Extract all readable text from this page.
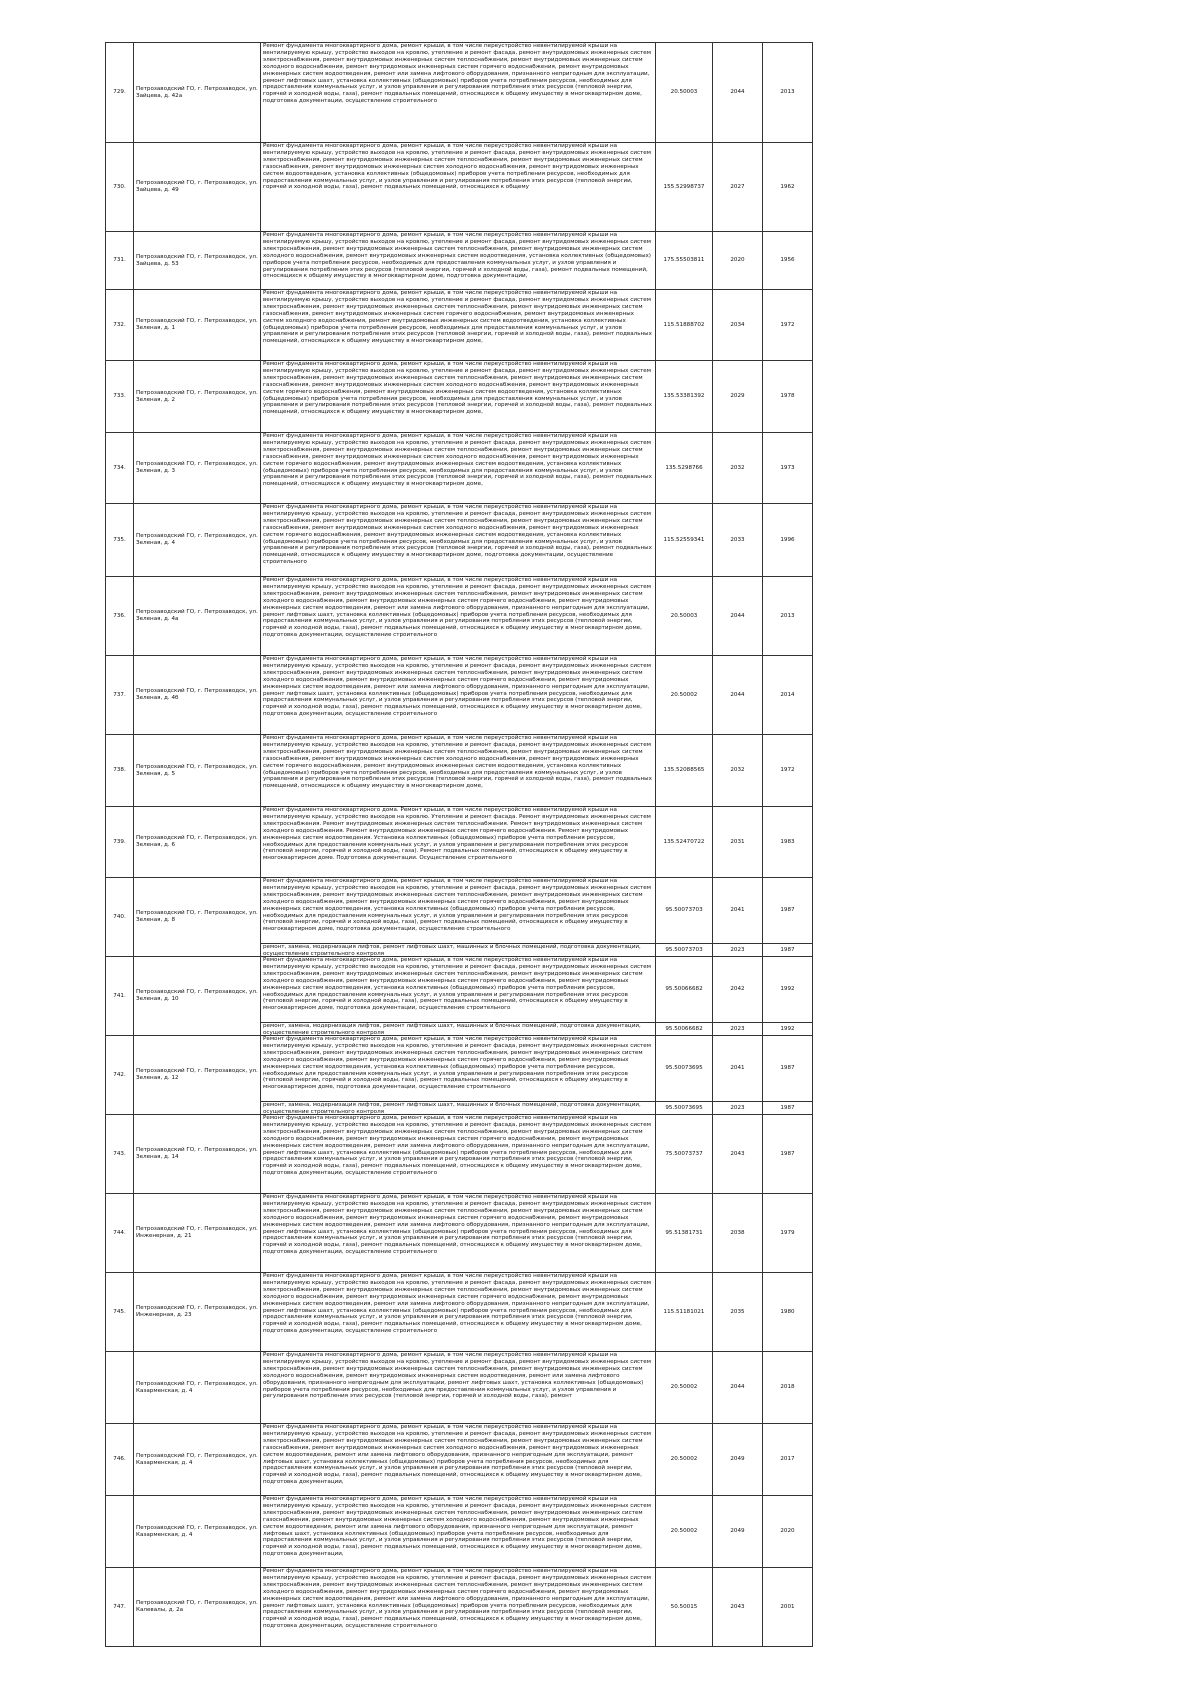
729.	Петрозаводский ГО, г. Петрозаводск, ул. Зайцева, д. 42а	Ремонт фундамента многоквартирного дома, ремонт крыши, в том числе переустройство невентилируемой крыши на вентилируемую крышу, устройство выходов на кровлю, утепление и ремонт фасада, ремонт внутридомовых инженерных систем электроснабжения, ремонт внутридомовых инженерных систем теплоснабжения, ремонт внутридомовых инженерных систем холодного водоснабжения, ремонт внутридомовых инженерных систем горячего водоснабжения, ремонт внутридомовых инженерных систем водоотведения, ремонт или замена лифтового оборудования, признанного непригодным для эксплуатации, ремонт лифтовых шахт, установка коллективных (общедомовых) приборов учета потребления ресурсов, необходимых для предоставления коммунальных услуг, и узлов управления и регулирования потребления этих ресурсов (тепловой энергии, горячей и холодной воды, газа), ремонт подвальных помещений, относящихся к общему имуществу в многоквартирном доме, подготовка документации, осуществление строительного	20.50003	2044	2013
730.	Петрозаводский ГО, г. Петрозаводск, ул. Зайцева, д. 49	Ремонт фундамента многоквартирного дома, ремонт крыши, в том числе переустройство невентилируемой крыши на вентилируемую крышу, устройство выходов на кровлю, утепление и ремонт фасада, ремонт внутридомовых инженерных систем электроснабжения, ремонт внутридомовых инженерных систем теплоснабжения, ремонт внутридомовых инженерных систем газоснабжения, ремонт внутридомовых инженерных систем холодного водоснабжения, ремонт внутридомовых инженерных систем водоотведения, установка коллективных (общедомовых) приборов учета потребления ресурсов, необходимых для предоставления коммунальных услуг, и узлов управления и регулирования потребления этих ресурсов (тепловой энергии, горячей и холодной воды, газа), ремонт подвальных помещений, относящихся к общему	155.52998737	2027	1962
731.	Петрозаводский ГО, г. Петрозаводск, ул. Зайцева, д. 53	Ремонт фундамента многоквартирного дома, ремонт крыши, в том числе переустройство невентилируемой крыши на вентилируемую крышу, устройство выходов на кровлю, утепление и ремонт фасада, ремонт внутридомовых инженерных систем электроснабжения, ремонт внутридомовых инженерных систем теплоснабжения, ремонт внутридомовых инженерных систем холодного водоснабжения, ремонт внутридомовых инженерных систем водоотведения, установка коллективных (общедомовых) приборов учета потребления ресурсов, необходимых для предоставления коммунальных услуг, и узлов управления и регулирования потребления этих ресурсов (тепловой энергии, горячей и холодной воды, газа), ремонт подвальных помещений, относящихся к общему имуществу в многоквартирном доме, подготовка документации,	175.55503811	2020	1956
732.	Петрозаводский ГО, г. Петрозаводск, ул. Зеленая, д. 1	Ремонт фундамента многоквартирного дома, ремонт крыши, в том числе переустройство невентилируемой крыши на вентилируемую крышу, устройство выходов на кровлю, утепление и ремонт фасада, ремонт внутридомовых инженерных систем электроснабжения, ремонт внутридомовых инженерных систем теплоснабжения, ремонт внутридомовых инженерных систем газоснабжения, ремонт внутридомовых инженерных систем горячего водоснабжения, ремонт внутридомовых инженерных систем холодного водоснабжения, ремонт внутридомовых инженерных систем водоотведения, установка коллективных (общедомовых) приборов учета потребления ресурсов, необходимых для предоставления коммунальных услуг, и узлов управления и регулирования потребления этих ресурсов (тепловой энергии, горячей и холодной воды, газа), ремонт подвальных помещений, относящихся к общему имуществу в многоквартирном доме,	115.51888702	2034	1972
733.	Петрозаводский ГО, г. Петрозаводск, ул. Зеленая, д. 2	Ремонт фундамента многоквартирного дома, ремонт крыши, в том числе переустройство невентилируемой крыши на вентилируемую крышу, устройство выходов на кровлю, утепление и ремонт фасада, ремонт внутридомовых инженерных систем электроснабжения, ремонт внутридомовых инженерных систем теплоснабжения, ремонт внутридомовых инженерных систем газоснабжения, ремонт внутридомовых инженерных систем холодного водоснабжения, ремонт внутридомовых инженерных систем горячего водоснабжения, ремонт внутридомовых инженерных систем водоотведения, установка коллективных (общедомовых) приборов учета потребления ресурсов, необходимых для предоставления коммунальных услуг, и узлов управления и регулирования потребления этих ресурсов (тепловой энергии, горячей и холодной воды, газа), ремонт подвальных помещений, относящихся к общему имуществу в многоквартирном доме,	135.53381392	2029	1978
734.	Петрозаводский ГО, г. Петрозаводск, ул. Зеленая, д. 3	Ремонт фундамента многоквартирного дома, ремонт крыши, в том числе переустройство невентилируемой крыши на вентилируемую крышу, устройство выходов на кровлю, утепление и ремонт фасада, ремонт внутридомовых инженерных систем электроснабжения, ремонт внутридомовых инженерных систем теплоснабжения, ремонт внутридомовых инженерных систем газоснабжения, ремонт внутридомовых инженерных систем холодного водоснабжения, ремонт внутридомовых инженерных систем горячего водоснабжения, ремонт внутридомовых инженерных систем водоотведения, установка коллективных (общедомовых) приборов учета потребления ресурсов, необходимых для предоставления коммунальных услуг, и узлов управления и регулирования потребления этих ресурсов (тепловой энергии, горячей и холодной воды, газа), ремонт подвальных помещений, относящихся к общему имуществу в многоквартирном доме,	135.5298766	2032	1973
735.	Петрозаводский ГО, г. Петрозаводск, ул. Зеленая, д. 4	Ремонт фундамента многоквартирного дома, ремонт крыши, в том числе переустройство невентилируемой крыши на вентилируемую крышу, устройство выходов на кровлю, утепление и ремонт фасада, ремонт внутридомовых инженерных систем электроснабжения, ремонт внутридомовых инженерных систем теплоснабжения, ремонт внутридомовых инженерных систем газоснабжения, ремонт внутридомовых инженерных систем холодного водоснабжения, ремонт внутридомовых инженерных систем горячего водоснабжения, ремонт внутридомовых инженерных систем водоотведения, установка коллективных (общедомовых) приборов учета потребления ресурсов, необходимых для предоставления коммунальных услуг, и узлов управления и регулирования потребления этих ресурсов (тепловой энергии, горячей и холодной воды, газа), ремонт подвальных помещений, относящихся к общему имуществу в многоквартирном доме, подготовка документации, осуществление строительного	115.52559341	2033	1996
736.	Петрозаводский ГО, г. Петрозаводск, ул. Зеленая, д. 4а	Ремонт фундамента многоквартирного дома, ремонт крыши, в том числе переустройство невентилируемой крыши на вентилируемую крышу, устройство выходов на кровлю, утепление и ремонт фасада, ремонт внутридомовых инженерных систем электроснабжения, ремонт внутридомовых инженерных систем теплоснабжения, ремонт внутридомовых инженерных систем холодного водоснабжения, ремонт внутридомовых инженерных систем горячего водоснабжения, ремонт внутридомовых инженерных систем водоотведения, ремонт или замена лифтового оборудования, признанного непригодным для эксплуатации, ремонт лифтовых шахт, установка коллективных (общедомовых) приборов учета потребления ресурсов, необходимых для предоставления коммунальных услуг, и узлов управления и регулирования потребления этих ресурсов (тепловой энергии, горячей и холодной воды, газа), ремонт подвальных помещений, относящихся к общему имуществу в многоквартирном доме, подготовка документации, осуществление строительного	20.50003	2044	2013
737.	Петрозаводский ГО, г. Петрозаводск, ул. Зеленая, д. 4б	Ремонт фундамента многоквартирного дома, ремонт крыши, в том числе переустройство невентилируемой крыши на вентилируемую крышу, устройство выходов на кровлю, утепление и ремонт фасада, ремонт внутридомовых инженерных систем электроснабжения, ремонт внутридомовых инженерных систем теплоснабжения, ремонт внутридомовых инженерных систем холодного водоснабжения, ремонт внутридомовых инженерных систем горячего водоснабжения, ремонт внутридомовых инженерных систем водоотведения, ремонт или замена лифтового оборудования, признанного непригодным для эксплуатации, ремонт лифтовых шахт, установка коллективных (общедомовых) приборов учета потребления ресурсов, необходимых для предоставления коммунальных услуг, и узлов управления и регулирования потребления этих ресурсов (тепловой энергии, горячей и холодной воды, газа), ремонт подвальных помещений, относящихся к общему имуществу в многоквартирном доме, подготовка документации, осуществление строительного	20.50002	2044	2014
738.	Петрозаводский ГО, г. Петрозаводск, ул. Зеленая, д. 5	Ремонт фундамента многоквартирного дома, ремонт крыши, в том числе переустройство невентилируемой крыши на вентилируемую крышу, устройство выходов на кровлю, утепление и ремонт фасада, ремонт внутридомовых инженерных систем электроснабжения, ремонт внутридомовых инженерных систем теплоснабжения, ремонт внутридомовых инженерных систем газоснабжения, ремонт внутридомовых инженерных систем холодного водоснабжения, ремонт внутридомовых инженерных систем горячего водоснабжения, ремонт внутридомовых инженерных систем водоотведения, установка коллективных (общедомовых) приборов учета потребления ресурсов, необходимых для предоставления коммунальных услуг, и узлов управления и регулирования потребления этих ресурсов (тепловой энергии, горячей и холодной воды, газа), ремонт подвальных помещений, относящихся к общему имуществу в многоквартирном доме,	135.52088565	2032	1972
739.	Петрозаводский ГО, г. Петрозаводск, ул. Зеленая, д. 6	Ремонт фундамента многоквартирного дома. Ремонт крыши, в том числе переустройство невентилируемой крыши на вентилируемую крышу, устройство выходов на кровлю. Утепление и ремонт фасада. Ремонт внутридомовых инженерных систем электроснабжения. Ремонт внутридомовых инженерных систем теплоснабжения. Ремонт внутридомовых инженерных систем холодного водоснабжения. Ремонт внутридомовых инженерных систем горячего водоснабжения. Ремонт внутридомовых инженерных систем водоотведения. Установка коллективных (общедомовых) приборов учета потребления ресурсов, необходимых для предоставления коммунальных услуг, и узлов управления и регулирования потребления этих ресурсов (тепловой энергии, горячей и холодной воды, газа). Ремонт подвальных помещений, относящихся к общему имуществу в многоквартирном доме. Подготовка документации. Осуществление строительного	135.52470722	2031	1983
740.	Петрозаводский ГО, г. Петрозаводск, ул. Зеленая, д. 8	Ремонт фундамента многоквартирного дома, ремонт крыши, в том числе переустройство невентилируемой крыши на вентилируемую крышу, устройство выходов на кровлю, утепление и ремонт фасада, ремонт внутридомовых инженерных систем электроснабжения, ремонт внутридомовых инженерных систем теплоснабжения, ремонт внутридомовых инженерных систем холодного водоснабжения, ремонт внутридомовых инженерных систем горячего водоснабжения, ремонт внутридомовых инженерных систем водоотведения, установка коллективных (общедомовых) приборов учета потребления ресурсов, необходимых для предоставления коммунальных услуг, и узлов управления и регулирования потребления этих ресурсов (тепловой энергии, горячей и холодной воды, газа), ремонт подвальных помещений, относящихся к общему имуществу в многоквартирном доме, подготовка документации, осуществление строительного	95.50073703	2041	1987

		ремонт, замена, модернизация лифтов, ремонт лифтовых шахт, машинных и блочных помещений, подготовка документации, осуществление строительного контроля	95.50073703	2023	1987
741.	Петрозаводский ГО, г. Петрозаводск, ул. Зеленая, д. 10	Ремонт фундамента многоквартирного дома, ремонт крыши, в том числе переустройство невентилируемой крыши на вентилируемую крышу, устройство выходов на кровлю, утепление и ремонт фасада, ремонт внутридомовых инженерных систем электроснабжения, ремонт внутридомовых инженерных систем теплоснабжения, ремонт внутридомовых инженерных систем холодного водоснабжения, ремонт внутридомовых инженерных систем горячего водоснабжения, ремонт внутридомовых инженерных систем водоотведения, установка коллективных (общедомовых) приборов учета потребления ресурсов, необходимых для предоставления коммунальных услуг, и узлов управления и регулирования потребления этих ресурсов (тепловой энергии, горячей и холодной воды, газа), ремонт подвальных помещений, относящихся к общему имуществу в многоквартирном доме, подготовка документации, осуществление строительного	95.50066682	2042	1992

		ремонт, замена, модернизация лифтов, ремонт лифтовых шахт, машинных и блочных помещений, подготовка документации, осуществление строительного контроля	95.50066682	2023	1992
742.	Петрозаводский ГО, г. Петрозаводск, ул. Зеленая, д. 12	Ремонт фундамента многоквартирного дома, ремонт крыши, в том числе переустройство невентилируемой крыши на вентилируемую крышу, устройство выходов на кровлю, утепление и ремонт фасада, ремонт внутридомовых инженерных систем электроснабжения, ремонт внутридомовых инженерных систем теплоснабжения, ремонт внутридомовых инженерных систем холодного водоснабжения, ремонт внутридомовых инженерных систем горячего водоснабжения, ремонт внутридомовых инженерных систем водоотведения, установка коллективных (общедомовых) приборов учета потребления ресурсов, необходимых для предоставления коммунальных услуг, и узлов управления и регулирования потребления этих ресурсов (тепловой энергии, горячей и холодной воды, газа), ремонт подвальных помещений, относящихся к общему имуществу в многоквартирном доме, подготовка документации, осуществление строительного	95.50073695	2041	1987

		ремонт, замена, модернизация лифтов, ремонт лифтовых шахт, машинных и блочных помещений, подготовка документации, осуществление строительного контроля	95.50073695	2023	1987
743.	Петрозаводский ГО, г. Петрозаводск, ул. Зеленая, д. 14	Ремонт фундамента многоквартирного дома, ремонт крыши, в том числе переустройство невентилируемой крыши на вентилируемую крышу, устройство выходов на кровлю, утепление и ремонт фасада, ремонт внутридомовых инженерных систем электроснабжения, ремонт внутридомовых инженерных систем теплоснабжения, ремонт внутридомовых инженерных систем холодного водоснабжения, ремонт внутридомовых инженерных систем горячего водоснабжения, ремонт внутридомовых инженерных систем водоотведения, ремонт или замена лифтового оборудования, признанного непригодным для эксплуатации, ремонт лифтовых шахт, установка коллективных (общедомовых) приборов учета потребления ресурсов, необходимых для предоставления коммунальных услуг, и узлов управления и регулирования потребления этих ресурсов (тепловой энергии, горячей и холодной воды, газа), ремонт подвальных помещений, относящихся к общему имуществу в многоквартирном доме, подготовка документации, осуществление строительного	75.50073737	2043	1987
744.	Петрозаводский ГО, г. Петрозаводск, ул. Инженерная, д. 21	Ремонт фундамента многоквартирного дома, ремонт крыши, в том числе переустройство невентилируемой крыши на вентилируемую крышу, устройство выходов на кровлю, утепление и ремонт фасада, ремонт внутридомовых инженерных систем электроснабжения, ремонт внутридомовых инженерных систем теплоснабжения, ремонт внутридомовых инженерных систем холодного водоснабжения, ремонт внутридомовых инженерных систем горячего водоснабжения, ремонт внутридомовых инженерных систем водоотведения, ремонт или замена лифтового оборудования, признанного непригодным для эксплуатации, ремонт лифтовых шахт, установка коллективных (общедомовых) приборов учета потребления ресурсов, необходимых для предоставления коммунальных услуг, и узлов управления и регулирования потребления этих ресурсов (тепловой энергии, горячей и холодной воды, газа), ремонт подвальных помещений, относящихся к общему имуществу в многоквартирном доме, подготовка документации, осуществление строительного	95.51381731	2038	1979
745.	Петрозаводский ГО, г. Петрозаводск, ул. Инженерная, д. 23	Ремонт фундамента многоквартирного дома, ремонт крыши, в том числе переустройство невентилируемой крыши на вентилируемую крышу, устройство выходов на кровлю, утепление и ремонт фасада, ремонт внутридомовых инженерных систем электроснабжения, ремонт внутридомовых инженерных систем теплоснабжения, ремонт внутридомовых инженерных систем холодного водоснабжения, ремонт внутридомовых инженерных систем горячего водоснабжения, ремонт внутридомовых инженерных систем водоотведения, ремонт или замена лифтового оборудования, признанного непригодным для эксплуатации, ремонт лифтовых шахт, установка коллективных (общедомовых) приборов учета потребления ресурсов, необходимых для предоставления коммунальных услуг, и узлов управления и регулирования потребления этих ресурсов (тепловой энергии, горячей и холодной воды, газа), ремонт подвальных помещений, относящихся к общему имуществу в многоквартирном доме, подготовка документации, осуществление строительного	115.51181021	2035	1980
	Петрозаводский ГО, г. Петрозаводск, ул. Казарменская, д. 4	Ремонт фундамента многоквартирного дома, ремонт крыши, в том числе переустройство невентилируемой крыши на вентилируемую крышу, устройство выходов на кровлю, утепление и ремонт фасада, ремонт внутридомовых инженерных систем электроснабжения, ремонт внутридомовых инженерных систем теплоснабжения, ремонт внутридомовых инженерных систем холодного водоснабжения, ремонт внутридомовых инженерных систем водоотведения, ремонт или замена лифтового оборудования, признанного непригодным для эксплуатации, ремонт лифтовых шахт, установка коллективных (общедомовых) приборов учета потребления ресурсов, необходимых для предоставления коммунальных услуг, и узлов управления и регулирования потребления этих ресурсов (тепловой энергии, горячей и холодной воды, газа), ремонт	20.50002	2044	2018
746.	Петрозаводский ГО, г. Петрозаводск, ул. Казарменская, д. 4	Ремонт фундамента многоквартирного дома, ремонт крыши, в том числе переустройство невентилируемой крыши на вентилируемую крышу, устройство выходов на кровлю, утепление и ремонт фасада, ремонт внутридомовых инженерных систем электроснабжения, ремонт внутридомовых инженерных систем теплоснабжения, ремонт внутридомовых инженерных систем газоснабжения, ремонт внутридомовых инженерных систем холодного водоснабжения, ремонт внутридомовых инженерных систем водоотведения, ремонт или замена лифтового оборудования, признанного непригодным для эксплуатации, ремонт лифтовых шахт, установка коллективных (общедомовых) приборов учета потребления ресурсов, необходимых для предоставления коммунальных услуг, и узлов управления и регулирования потребления этих ресурсов (тепловой энергии, горячей и холодной воды, газа), ремонт подвальных помещений, относящихся к общему имуществу в многоквартирном доме, подготовка документации,	20.50002	2049	2017
	Петрозаводский ГО, г. Петрозаводск, ул. Казарменская, д. 4	Ремонт фундамента многоквартирного дома, ремонт крыши, в том числе переустройство невентилируемой крыши на вентилируемую крышу, устройство выходов на кровлю, утепление и ремонт фасада, ремонт внутридомовых инженерных систем электроснабжения, ремонт внутридомовых инженерных систем теплоснабжения, ремонт внутридомовых инженерных систем газоснабжения, ремонт внутридомовых инженерных систем холодного водоснабжения, ремонт внутридомовых инженерных систем водоотведения, ремонт или замена лифтового оборудования, признанного непригодным для эксплуатации, ремонт лифтовых шахт, установка коллективных (общедомовых) приборов учета потребления ресурсов, необходимых для предоставления коммунальных услуг, и узлов управления и регулирования потребления этих ресурсов (тепловой энергии, горячей и холодной воды, газа), ремонт подвальных помещений, относящихся к общему имуществу в многоквартирном доме, подготовка документации,	20.50002	2049	2020
747.	Петрозаводский ГО, г. Петрозаводск, ул. Калевалы, д. 2а	Ремонт фундамента многоквартирного дома, ремонт крыши, в том числе переустройство невентилируемой крыши на вентилируемую крышу, устройство выходов на кровлю, утепление и ремонт фасада, ремонт внутридомовых инженерных систем электроснабжения, ремонт внутридомовых инженерных систем теплоснабжения, ремонт внутридомовых инженерных систем холодного водоснабжения, ремонт внутридомовых инженерных систем горячего водоснабжения, ремонт внутридомовых инженерных систем водоотведения, ремонт или замена лифтового оборудования, признанного непригодным для эксплуатации, ремонт лифтовых шахт, установка коллективных (общедомовых) приборов учета потребления ресурсов, необходимых для предоставления коммунальных услуг, и узлов управления и регулирования потребления этих ресурсов (тепловой энергии, горячей и холодной воды, газа), ремонт подвальных помещений, относящихся к общему имуществу в многоквартирном доме, подготовка документации, осуществление строительного	50.50015	2043	2001
